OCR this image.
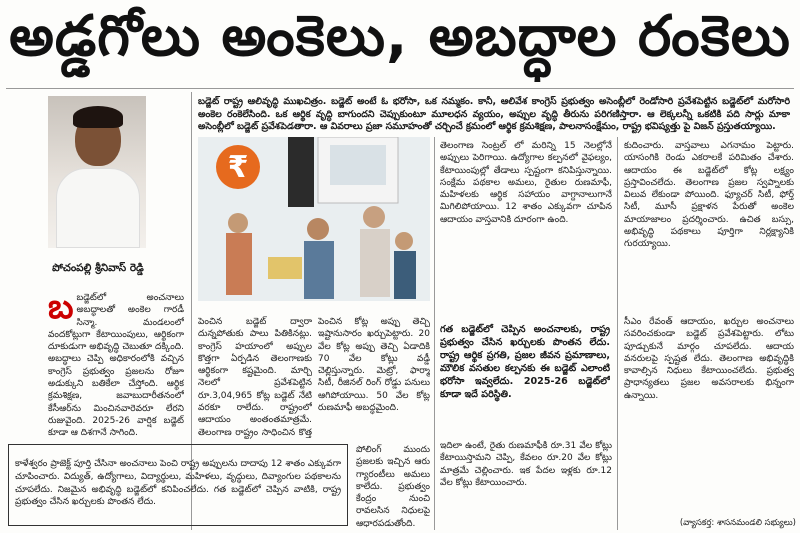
అడ్డగోలు అంకెలు, అబద్ధాల రంకెలు

బడ్జెట్ రాష్ట్ర ఆలివృద్ధి ముఖచిత్రం. బడ్జెట్ అంటే ఓ భరోసా, ఒక నమ్మకం. కానీ, ఆలివేశ కాంగ్రెస్ ప్రభుత్వం అసెంబ్లీలో రెండోసారి ప్రవేశపెట్టిన బడ్జెట్‌లో మరోసారి అంకెల రంకెలేసింది. ఒక ఆర్థిక వృద్ధి బాగుందని చెప్పుకుంటూ మూలధన వ్యయం, అప్పుల వృద్ధి తీరును పరిగణిస్తారా. ఆ లెక్కలన్నీ ఒకటికి పది సార్లు మాకా అసెంబ్లీలో బడ్జెట్ ప్రవేశపెడతారా. ఆ వివరాలు ప్రజా సమూహంతో చర్చించే క్రమంలో ఆర్థిక క్రమశిక్షణ, పాలనాసంక్షేమం, రాష్ట్ర భవిష్యత్తు పై విజన్ ప్రస్తుతయ్యాయి.

పోచంపల్లి శ్రీనివాస్ రెడ్డి
₹
బ బడ్జెట్‌లో అంచనాలు అబద్ధాలతో అంకెల గారడీ సిన్మా. మండలంలో వందకోట్లుగా కేటాయింపులు, ఆర్థికంగా దూకుడుగా అభివృద్ధి చెబుతూ దక్కింది. అబద్ధాలు చెప్పి అధికారంలోకి వచ్చిన కాంగ్రెస్ ప్రభుత్వం ప్రజలను రోజూ అడుక్కుని బతికేలా చేస్తోంది. ఆర్థిక క్రమశిక్షణ, జవాబుదారీతనంలో కేసీఆర్‌ను మించినవారెవరూ లేరని రుజువైంది. 2025-26 వార్షిక బడ్జెట్ కూడా ఆ దిశగానే సాగింది.

పెంచిన బడ్జెట్ ద్వారా దున్నపోతుకు పాలు పితికినట్లు. కాంగ్రెస్ హయాంలో అప్పుల కొత్తగా ఏర్పడిన తెలంగాణకు ఆర్థికంగా కష్టమైంది. మార్చి నెలలో ప్రవేశపెట్టిన రూ.3,04,965 కోట్ల బడ్జెట్ నేటి వరకూ రాలేదు. రాష్ట్రంలో ఆదాయం అంతంతమాత్రమే. తెలంగాణ రాష్ట్రం సాధించిన కొత్త

పెంచిన కోట్ల అప్పు తెచ్చి ఇష్టానుసారం ఖర్చుపెట్టారు. 20 వేల కోట్ల అప్పు తెచ్చి ఏడాదికి 70 వేల కోట్లు వడ్డీ చెల్లిస్తున్నారు. మెట్రో, ఫార్మా సిటీ, రీజినల్ రింగ్ రోడ్డు పనులు ఆగిపోయాయి. 50 వేల కోట్ల రుణమాఫీ అబద్ధమైంది.

కాళేశ్వరం ప్రాజెక్ట్ పూర్తి చేసినా అంచనాలు పెంచి రాష్ట్ర అప్పులను దాదాపు 12 శాతం ఎక్కువగా చూపించారు. విద్యుత్, ఉద్యోగాలు, విద్యార్థులు, మహిళలు, వృద్ధులు, దివ్యాంగుల పథకాలను చూపలేదు. నిజమైన అభివృద్ధి బడ్జెట్‌లో కనిపించలేదు. గత బడ్జెట్‌లో చెప్పిన వాటికి, రాష్ట్ర ప్రభుత్వం చేసిన ఖర్చులకు పొంతన లేదు.

పోలింగ్ ముందు ప్రజలకు ఇచ్చిన ఆరు గ్యారంటీలు అమలు కాలేదు. ప్రభుత్వం కేంద్రం నుంచి రావలసిన నిధులపై ఆధారపడుతోంది.

తెలంగాణ సెంట్రల్ లో మరిన్ని 15 నెలల్లోనే అప్పులు పెరిగాయి. ఉద్యోగాల కల్పనలో వైఫల్యం, కేటాయింపుల్లో తేడాలు స్పష్టంగా కనిపిస్తున్నాయి. సంక్షేమ పథకాల అమలు, రైతుల రుణమాఫీ, మహిళలకు ఆర్థిక సహాయం వాగ్దానాలుగానే మిగిలిపోయాయి. 12 శాతం ఎక్కువగా చూపిన ఆదాయం వాస్తవానికి దూరంగా ఉంది.

గత బడ్జెట్‌లో చెప్పిన అంచనాలకు, రాష్ట్ర ప్రభుత్వం చేసిన ఖర్చులకు పొంతన లేదు. రాష్ట్ర ఆర్థిక ప్రగతి, ప్రజల జీవన ప్రమాణాలు, మౌలిక వసతుల కల్పనకు ఈ బడ్జెట్ ఎలాంటి భరోసా ఇవ్వలేదు. 2025-26 బడ్జెట్‌లో కూడా ఇదే పరిస్థితి.

ఇదిలా ఉంటే, రైతు రుణమాఫీకి రూ.31 వేల కోట్లు కేటాయిస్తామని చెప్పి, కేవలం రూ.20 వేల కోట్లు మాత్రమే చెల్లించారు. ఇక పేదల ఇళ్లకు రూ.12 వేల కోట్లు కేటాయించారు.

కుదించారు. వాస్తవాలు ఎగనామం పెట్టారు. యాసంగికి రెండు ఎకరాలకే పరిమితం చేశారు. ఆదాయం ఈ బడ్జెట్‌లో కోట్ల లక్ష్యం ప్రస్తావించలేదు. తెలంగాణ ప్రజల స్వప్నాలకు విలువ లేకుండా పోయింది. ఫ్యూచర్ సిటీ, ఫోర్త్ సిటీ, మూసీ ప్రక్షాళన పేరుతో అంకెల మాయాజాలం ప్రదర్శించారు. ఉచిత బస్సు, అభివృద్ధి పథకాలు పూర్తిగా నిర్లక్ష్యానికి గురయ్యాయి.

సీఎం రేవంత్ ఆదాయం, ఖర్చుల అంచనాలు సవరించకుండా బడ్జెట్ ప్రవేశపెట్టారు. లోటు పూడ్చుకునే మార్గం చూపలేదు. ఆదాయ వనరులపై స్పష్టత లేదు. తెలంగాణ అభివృద్ధికి కావాల్సిన నిధులు కేటాయించలేదు. ప్రభుత్వ ప్రాధాన్యతలు ప్రజల అవసరాలకు భిన్నంగా ఉన్నాయి.

(వ్యాసకర్త: శాసనమండలి సభ్యులు)
